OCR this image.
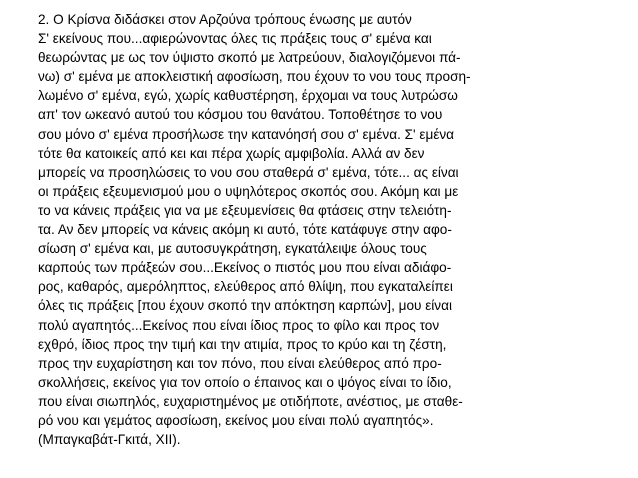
2. Ο Κρίσνα διδάσκει στον Αρζούνα τρόπους ένωσης με αυτόν
Σ' εκείνους που...αφιερώνοντας όλες τις πράξεις τους σ' εμένα και
θεωρώντας με ως τον ύψιστο σκοπό με λατρεύουν, διαλογιζόμενοι πά-
νω) σ' εμένα με αποκλειστική αφοσίωση, που έχουν το νου τους προση-
λωμένο σ' εμένα, εγώ, χωρίς καθυστέρηση, έρχομαι να τους λυτρώσω
απ' τον ωκεανό αυτού του κόσμου του θανάτου. Τοποθέτησε το νου
σου μόνο σ' εμένα προσήλωσε την κατανόησή σου σ' εμένα. Σ' εμένα
τότε θα κατοικείς από κει και πέρα χωρίς αμφιβολία. Αλλά αν δεν
μπορείς να προσηλώσεις το νου σου σταθερά σ' εμένα, τότε... ας είναι
οι πράξεις εξευμενισμού μου ο υψηλότερος σκοπός σου. Ακόμη και με
το να κάνεις πράξεις για να με εξευμενίσεις θα φτάσεις στην τελειότη-
τα. Αν δεν μπορείς να κάνεις ακόμη κι αυτό, τότε κατάφυγε στην αφο-
σίωση σ' εμένα και, με αυτοσυγκράτηση, εγκατάλειψε όλους τους
καρπούς των πράξεών σου...Εκείνος ο πιστός μου που είναι αδιάφο-
ρος, καθαρός, αμερόληπτος, ελεύθερος από θλίψη, που εγκαταλείπει
όλες τις πράξεις [που έχουν σκοπό την απόκτηση καρπών], μου είναι
πολύ αγαπητός...Εκείνος που είναι ίδιος προς το φίλο και προς τον
εχθρό, ίδιος προς την τιμή και την ατιμία, προς το κρύο και τη ζέστη,
προς την ευχαρίστηση και τον πόνο, που είναι ελεύθερος από προ-
σκολλήσεις, εκείνος για τον οποίο ο έπαινος και ο ψόγος είναι το ίδιο,
που είναι σιωπηλός, ευχαριστημένος με οτιδήποτε, ανέστιος, με σταθε-
ρό νου και γεμάτος αφοσίωση, εκείνος μου είναι πολύ αγαπητός».
(Μπαγκαβάτ-Γκιτά, XII).
